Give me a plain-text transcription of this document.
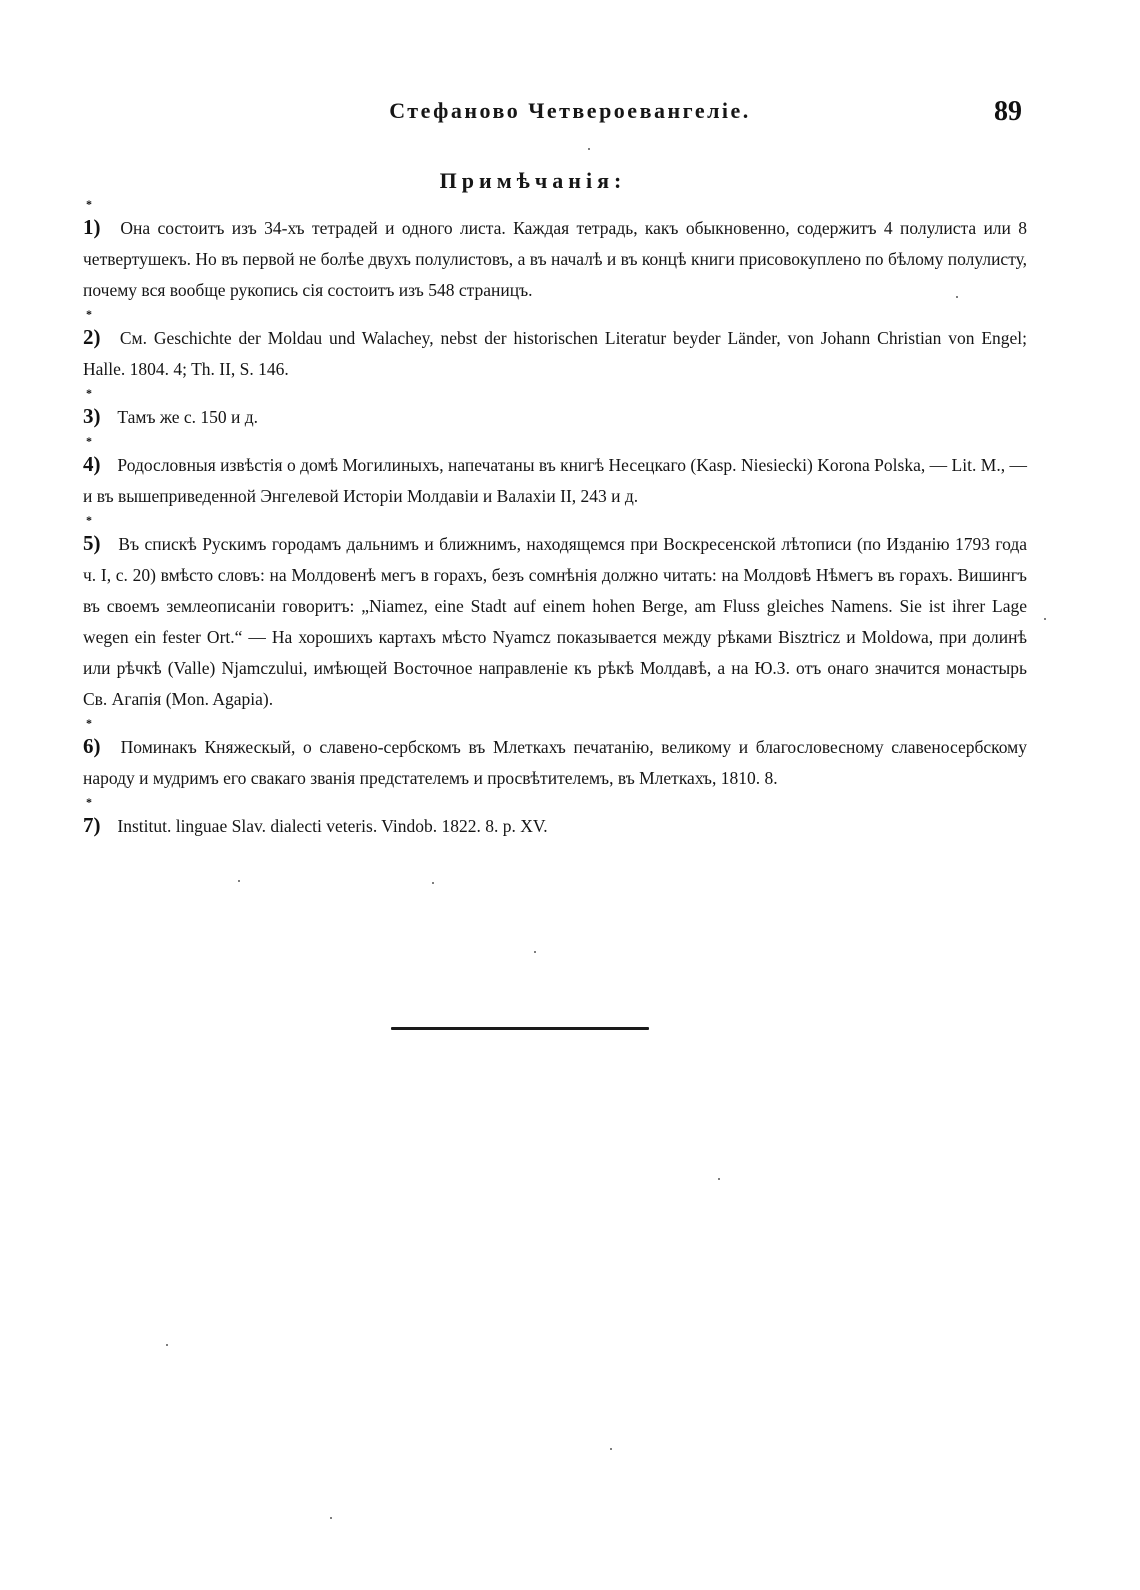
Стефаново Четвероевангеліе.	89
Примѣчанія:
*
1) Она состоитъ изъ 34-хъ тетрадей и одного листа. Каждая тетрадь, какъ обыкновенно, содержитъ 4 полулиста или 8 четвертушекъ. Но въ первой не болѣе двухъ полулистовъ, а въ началѣ и въ концѣ книги присовокуплено по бѣлому полулисту, почему вся вообще рукопись сія состоитъ изъ 548 страницъ.
*
2) См. Geschichte der Moldau und Walachey, nebst der historischen Literatur beyder Länder, von Johann Christian von Engel; Halle. 1804. 4; Th. II, S. 146.
*
3) Тамъ же с. 150 и д.
*
4) Родословныя извѣстія о домѣ Могилиныхъ, напечатаны въ книгѣ Несецкаго (Kasp. Niesiecki) Korona Polska, — Lit. M., — и въ вышеприведенной Энгелевой Исторіи Молдавіи и Валахіи II, 243 и д.
*
5) Въ спискѣ Рускимъ городамъ дальнимъ и ближнимъ, находящемся при Воскресенской лѣтописи (по Изданію 1793 года ч. I, с. 20) вмѣсто словъ: на Молдовенѣ мегъ в горахъ, безъ сомнѣнія должно читать: на Молдовѣ Нѣмегъ въ горахъ. Вишингъ въ своемъ землеописаніи говоритъ: „Niamez, eine Stadt auf einem hohen Berge, am Fluss gleiches Namens. Sie ist ihrer Lage wegen ein fester Ort.“ — На хорошихъ картахъ мѣсто Nyamcz показывается между рѣками Bisztricz и Moldowa, при долинѣ или рѣчкѣ (Valle) Njamczului, имѣющей Восточное направленіе къ рѣкѣ Молдавѣ, а на Ю.З. отъ онаго значится монастырь Св. Агапія (Mon. Agapia).
*
6) Поминакъ Княжескый, о славено-сербскомъ въ Млеткахъ печатанію, великому и благословесному славеносербскому народу и мудримъ его свакаго званія предстателемъ и просвѣтителемъ, въ Млеткахъ, 1810. 8.
*
7) Institut. linguae Slav. dialecti veteris. Vindob. 1822. 8. p. XV.
